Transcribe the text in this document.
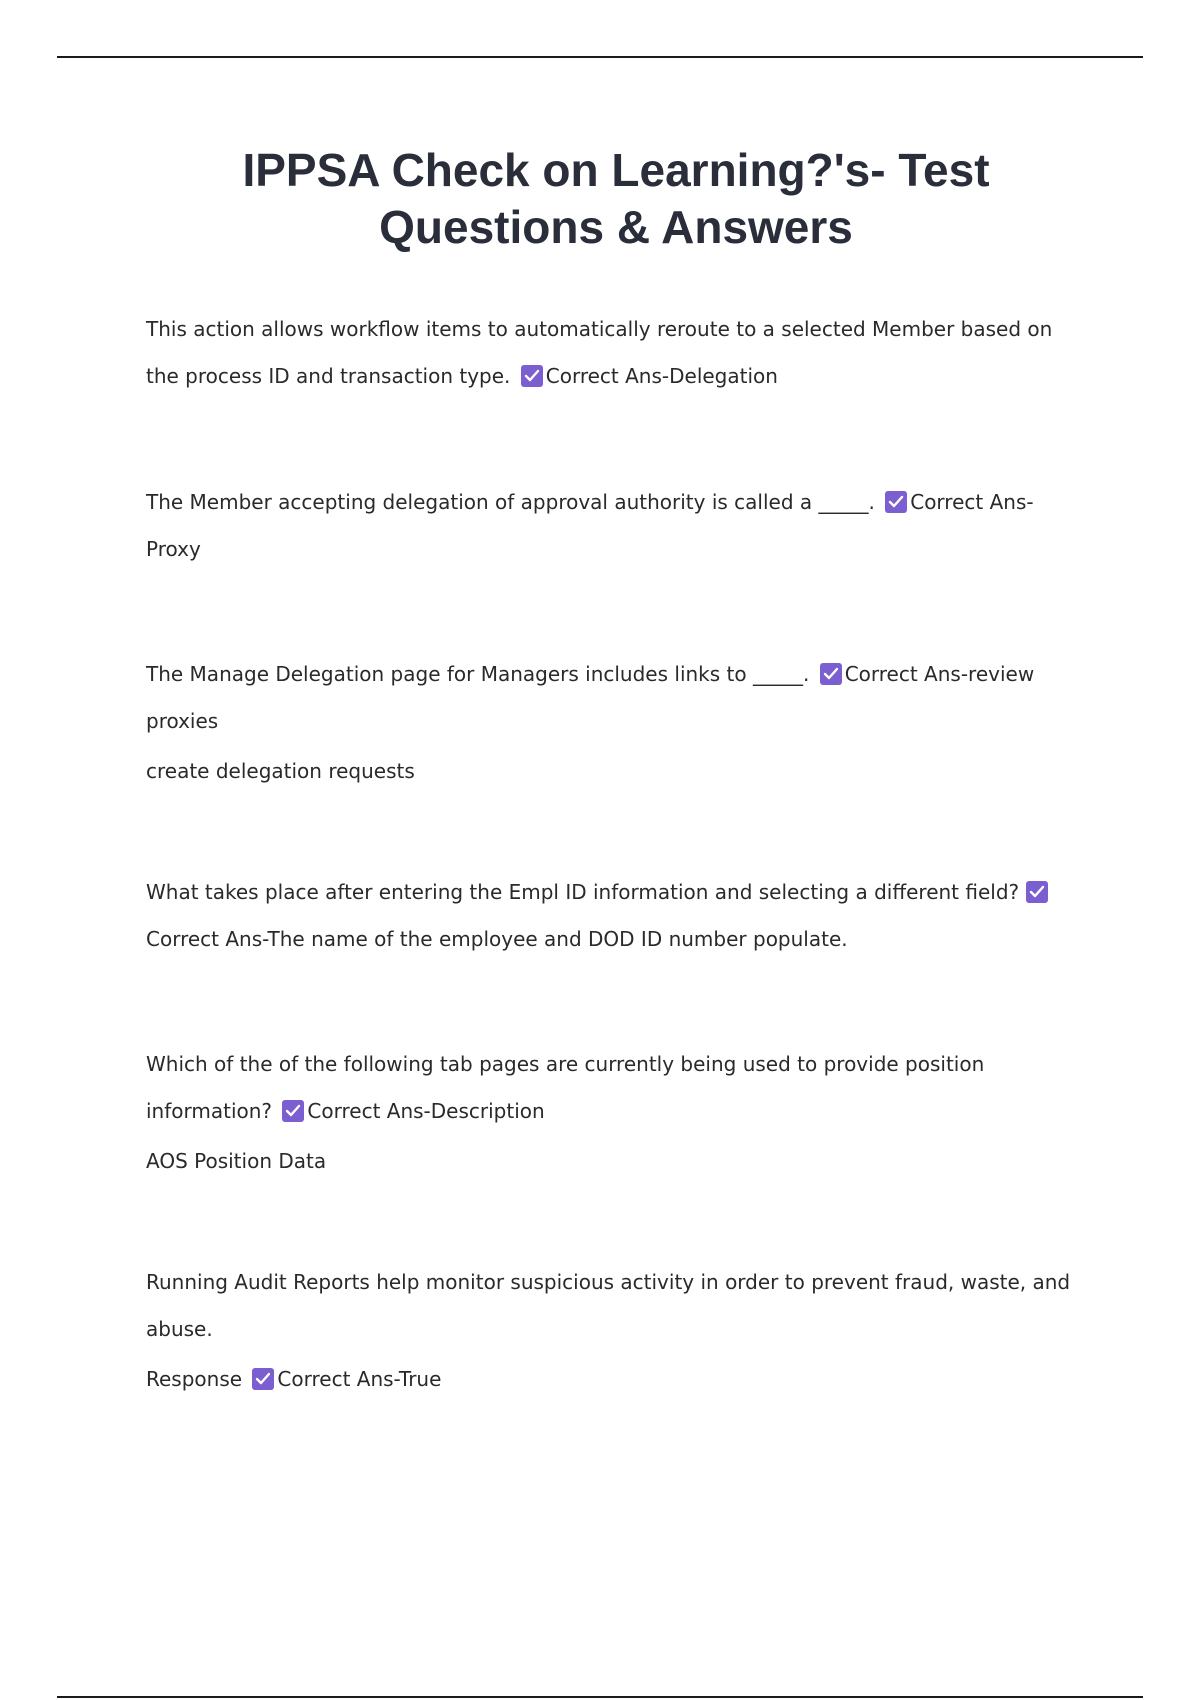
IPPSA Check on Learning?'s- Test Questions & Answers

This action allows workflow items to automatically reroute to a selected Member based on the process ID and transaction type. Correct Ans-Delegation

The Member accepting delegation of approval authority is called a _____. Correct Ans-Proxy

The Manage Delegation page for Managers includes links to _____. Correct Ans-review proxies

create delegation requests

What takes place after entering the Empl ID information and selecting a different field?
Correct Ans-The name of the employee and DOD ID number populate.

Which of the of the following tab pages are currently being used to provide position information? Correct Ans-Description

AOS Position Data

Running Audit Reports help monitor suspicious activity in order to prevent fraud, waste, and abuse.

Response Correct Ans-True
